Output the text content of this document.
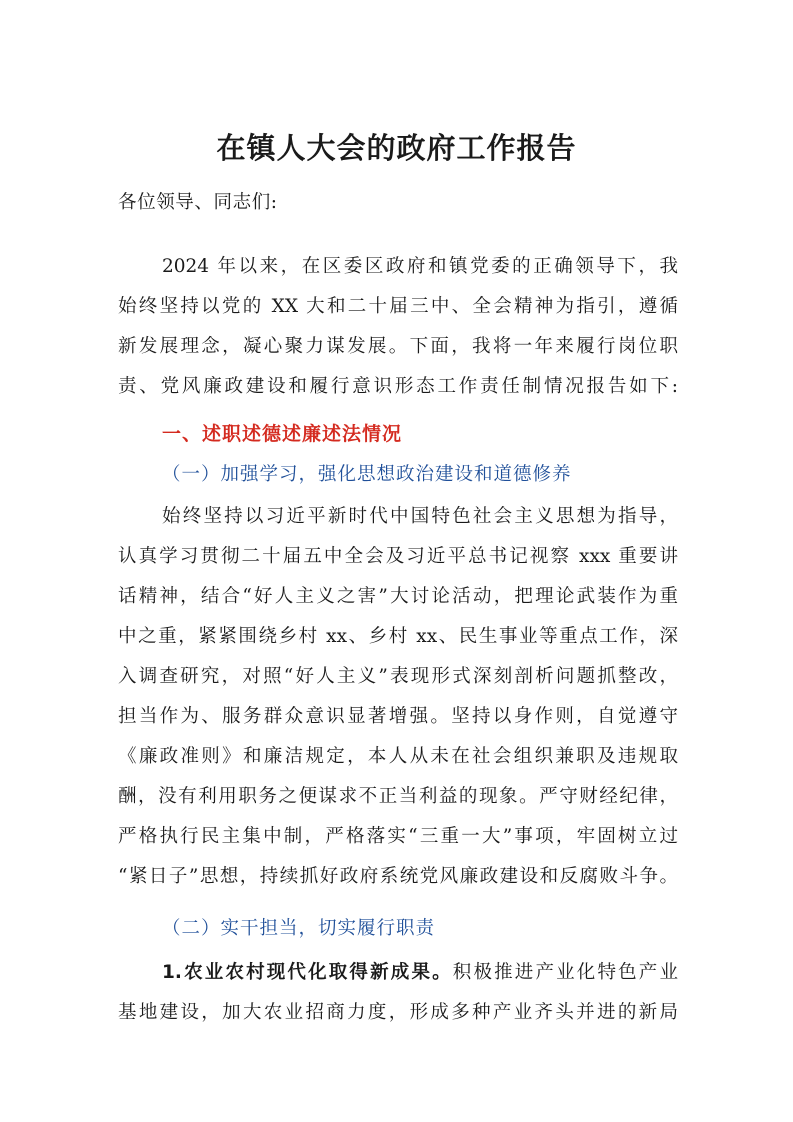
在镇人大会的政府工作报告
各位领导、同志们:
2024 年以来，在区委区政府和镇党委的正确领导下，我
始终坚持以党的 XX 大和二十届三中、全会精神为指引，遵循
新发展理念，凝心聚力谋发展。下面，我将一年来履行岗位职
责、党风廉政建设和履行意识形态工作责任制情况报告如下:
一、述职述德述廉述法情况
（一）加强学习，强化思想政治建设和道德修养
始终坚持以习近平新时代中国特色社会主义思想为指导，
认真学习贯彻二十届五中全会及习近平总书记视察 xxx 重要讲
话精神，结合“好人主义之害”大讨论活动，把理论武装作为重
中之重，紧紧围绕乡村 xx、乡村 xx、民生事业等重点工作，深
入调查研究，对照“好人主义”表现形式深刻剖析问题抓整改，
担当作为、服务群众意识显著增强。坚持以身作则，自觉遵守
《廉政准则》和廉洁规定，本人从未在社会组织兼职及违规取
酬，没有利用职务之便谋求不正当利益的现象。严守财经纪律，
严格执行民主集中制，严格落实“三重一大”事项，牢固树立过
“紧日子”思想，持续抓好政府系统党风廉政建设和反腐败斗争。
（二）实干担当，切实履行职责
1.农业农村现代化取得新成果。积极推进产业化特色产业
基地建设，加大农业招商力度，形成多种产业齐头并进的新局
